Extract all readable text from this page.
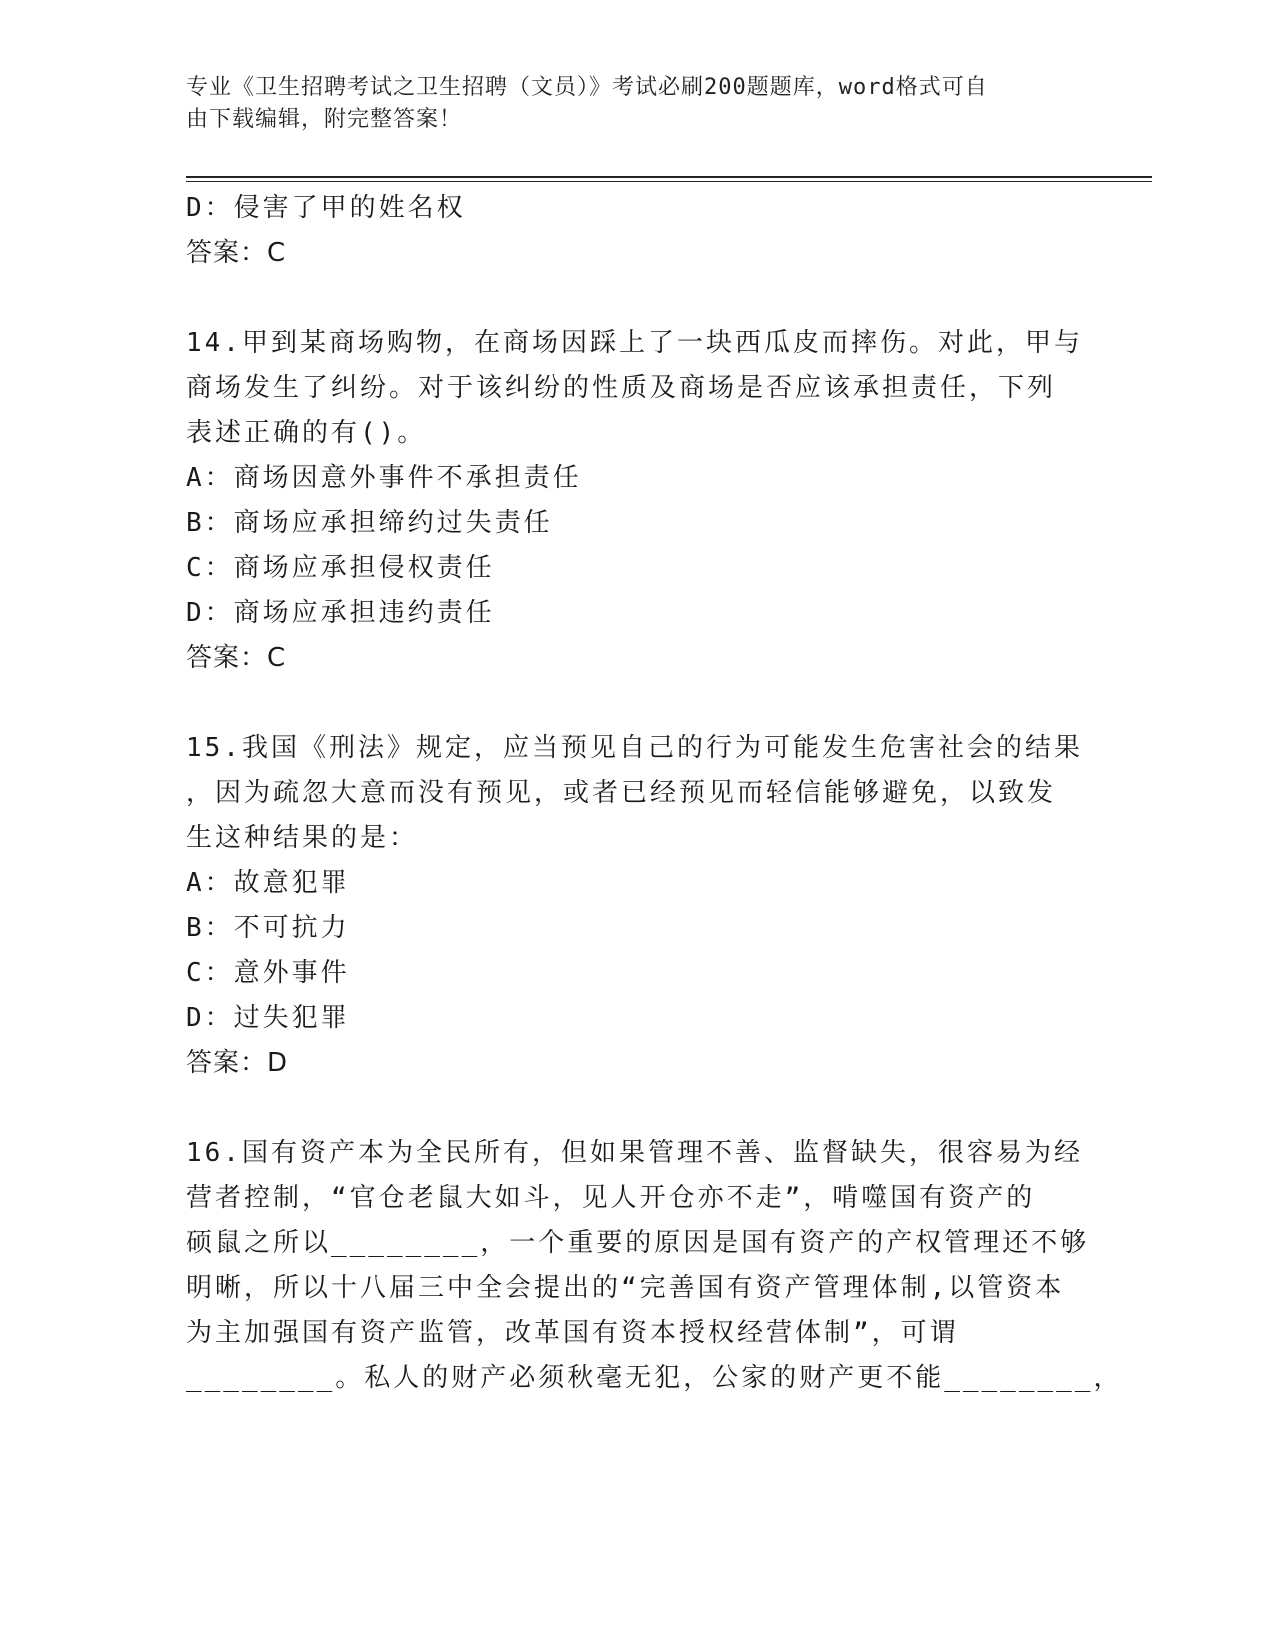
专业《卫生招聘考试之卫生招聘（文员）》考试必刷200题题库，word格式可自
由下载编辑，附完整答案！
D：侵害了甲的姓名权
答案：C
14.甲到某商场购物，在商场因踩上了一块西瓜皮而摔伤。对此，甲与
商场发生了纠纷。对于该纠纷的性质及商场是否应该承担责任，下列
表述正确的有()。
A：商场因意外事件不承担责任
B：商场应承担缔约过失责任
C：商场应承担侵权责任
D：商场应承担违约责任
答案：C
15.我国《刑法》规定，应当预见自己的行为可能发生危害社会的结果
，因为疏忽大意而没有预见，或者已经预见而轻信能够避免，以致发
生这种结果的是：
A：故意犯罪
B：不可抗力
C：意外事件
D：过失犯罪
答案：D
16.国有资产本为全民所有，但如果管理不善、监督缺失，很容易为经
营者控制，“官仓老鼠大如斗，见人开仓亦不走”，啃噬国有资产的
硕鼠之所以________，一个重要的原因是国有资产的产权管理还不够
明晰，所以十八届三中全会提出的“完善国有资产管理体制,以管资本
为主加强国有资产监管，改革国有资本授权经营体制”，可谓
________。私人的财产必须秋毫无犯，公家的财产更不能________，
